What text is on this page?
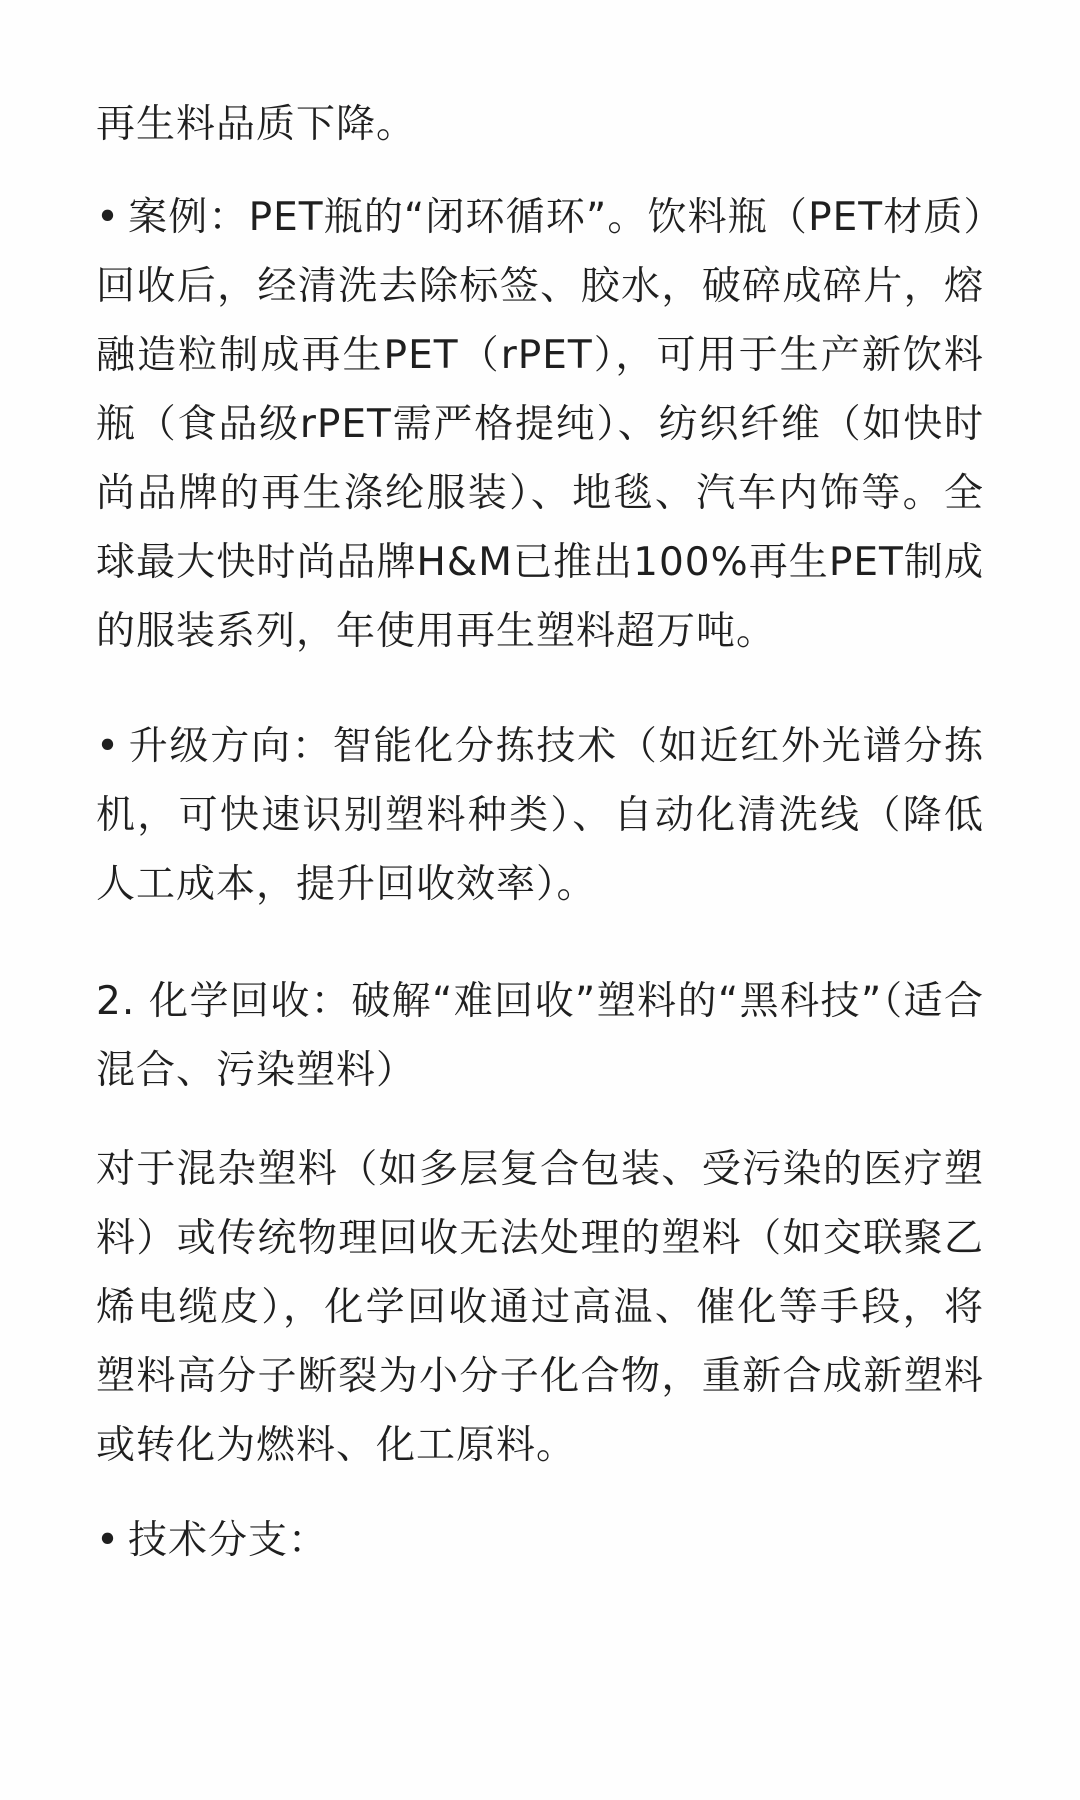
再生料品质下降。

• 案例：PET瓶的“闭环循环”。饮料瓶（PET材质）回收后，经清洗去除标签、胶水，破碎成碎片，熔融造粒制成再生PET（rPET），可用于生产新饮料瓶（食品级rPET需严格提纯）、纺织纤维（如快时尚品牌的再生涤纶服装）、地毯、汽车内饰等。全球最大快时尚品牌H&M已推出100%再生PET制成的服装系列，年使用再生塑料超万吨。

• 升级方向：智能化分拣技术（如近红外光谱分拣机，可快速识别塑料种类）、自动化清洗线（降低人工成本，提升回收效率）。

2. 化学回收：破解“难回收”塑料的“黑科技”（适合混合、污染塑料）

对于混杂塑料（如多层复合包装、受污染的医疗塑料）或传统物理回收无法处理的塑料（如交联聚乙烯电缆皮），化学回收通过高温、催化等手段，将塑料高分子断裂为小分子化合物，重新合成新塑料或转化为燃料、化工原料。

• 技术分支：
